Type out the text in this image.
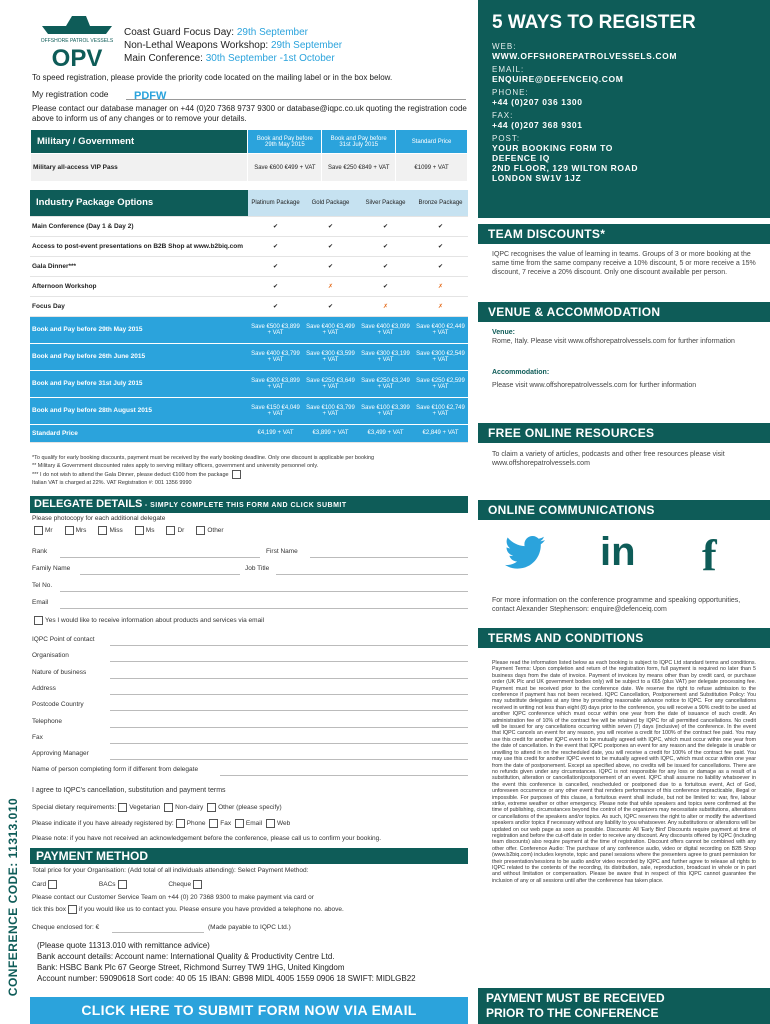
OFFSHORE PATROL VESSELS
OPV
Coast Guard Focus Day: 29th September
Non-Lethal Weapons Workshop: 29th September
Main Conference: 30th September -1st October
To speed registration, please provide the priority code located on the mailing label or in the box below.
My registration code	PDFW
Please contact our database manager on +44 (0)20 7368 9737 9300 or database@iqpc.co.uk quoting the registration code above to inform us of any changes or to remove your details.
Military / Government	Book and Pay before 29th May 2015	Book and Pay before 31st July 2015	Standard Price
Military all-access VIP Pass	Save €600 €499 + VAT	Save €250 €849 + VAT	€1099 + VAT
Industry Package Options	Platinum Package	Gold Package	Silver Package	Bronze Package
Main Conference (Day 1 & Day 2)	✔	✔	✔	✔
Access to post-event presentations on B2B Shop at www.b2biq.com	✔	✔	✔	✔
Gala Dinner***	✔	✔	✔	✔
Afternoon Workshop	✔	✗	✔	✗
Focus Day	✔	✔	✗	✗
Book and Pay before 29th May 2015	Save €500 €3,899 + VAT	Save €400 €3,499 + VAT	Save €400 €3,099 + VAT	Save €400 €2,449 + VAT
Book and Pay before 26th June 2015	Save €400 €3,799 + VAT	Save €300 €3,599 + VAT	Save €300 €3,199 + VAT	Save €300 €2,549 + VAT
Book and Pay before 31st July 2015	Save €300 €3,899 + VAT	Save €250 €3,649 + VAT	Save €250 €3,249 + VAT	Save €250 €2,599 + VAT
Book and Pay before 28th August 2015	Save €150 €4,049 + VAT	Save €100 €3,799 + VAT	Save €100 €3,399 + VAT	Save €100 €2,749 + VAT
Standard Price	€4,199 + VAT	€3,899 + VAT	€3,499 + VAT	€2,849 + VAT
*To qualify for early booking discounts, payment must be received by the early booking deadline. Only one discount is applicable per booking
** Military & Government discounted rates apply to serving military officers, government and university personnel only.
*** I do not wish to attend the Gala Dinner, please deduct €100 from the package
Italian VAT is charged at 22%. VAT Registration #: 001 1356 9990
DELEGATE DETAILS - SIMPLY COMPLETE THIS FORM AND CLICK SUBMIT
Please photocopy for each additional delegate
Mr	Mrs	Miss	Ms	Dr	Other
Rank	First Name
Family Name	Job Title
Tel No.
Email
Yes I would like to receive information about products and services via email
IQPC Point of contact
Organisation
Nature of business
Address
Postcode Country
Telephone
Fax
Approving Manager
Name of person completing form if different from delegate
I agree to IQPC's cancellation, substitution and payment terms
Special dietary requirements: Vegetarian Non-dairy Other (please specify)
Please indicate if you have already registered by: Phone Fax Email Web
Please note: if you have not received an acknowledgement before the conference, please call us to confirm your booking.
PAYMENT METHOD
Total price for your Organisation: (Add total of all individuals attending): Select Payment Method:
Card	BACs	Cheque
Please contact our Customer Service Team on +44 (0) 20 7368 9300 to make payment via card or
tick this box if you would like us to contact you. Please ensure you have provided a telephone no. above.
Cheque enclosed for: €	(Made payable to IQPC Ltd.)
(Please quote 11313.010 with remittance advice)
Bank account details: Account name: International Quality & Productivity Centre Ltd.
Bank: HSBC Bank Plc 67 George Street, Richmond Surrey TW9 1HG, United Kingdom
Account number: 59090618 Sort code: 40 05 15 IBAN: GB98 MIDL 4005 1559 0906 18 SWIFT: MIDLGB22
CLICK HERE TO SUBMIT FORM NOW VIA EMAIL
CONFERENCE CODE: 11313.010
5 WAYS TO REGISTER
WEB:
WWW.OFFSHOREPATROLVESSELS.COM
EMAIL:
ENQUIRE@DEFENCEIQ.COM
PHONE:
+44 (0)207 036 1300
FAX:
+44 (0)207 368 9301
POST:
YOUR BOOKING FORM TO
DEFENCE IQ
2ND FLOOR, 129 WILTON ROAD
LONDON SW1V 1JZ
TEAM DISCOUNTS*
IQPC recognises the value of learning in teams. Groups of 3 or more booking at the same time from the same company receive a 10% discount, 5 or more receive a 15% discount, 7 receive a 20% discount. Only one discount available per person.
VENUE & ACCOMMODATION
Venue:
Rome, Italy. Please visit www.offshorepatrolvessels.com for further information
Accommodation:
Please visit www.offshorepatrolvessels.com for further information
FREE ONLINE RESOURCES
To claim a variety of articles, podcasts and other free resources please visit www.offshorepatrolvessels.com
ONLINE COMMUNICATIONS
in f
For more information on the conference programme and speaking opportunities, contact Alexander Stephenson: enquire@defenceiq.com
TERMS AND CONDITIONS
Please read the information listed below as each booking is subject to IQPC Ltd standard terms and conditions. Payment Terms: Upon completion and return of the registration form, full payment is required no later than 5 business days from the date of invoice. Payment of invoices by means other than by credit card, or purchase order (UK Plc and UK government bodies only) will be subject to a €65 (plus VAT) per delegate processing fee. Payment must be received prior to the conference date. We reserve the right to refuse admission to the conference if payment has not been received. IQPC Cancellation, Postponement and Substitution Policy: You may substitute delegates at any time by providing reasonable advance notice to IQPC. For any cancellations received in writing not less than eight (8) days prior to the conference, you will receive a 90% credit to be used at another IQPC conference which must occur within one year from the date of issuance of such credit. An administration fee of 10% of the contract fee will be retained by IQPC for all permitted cancellations. No credit will be issued for any cancellations occurring within seven (7) days (inclusive) of the conference. In the event that IQPC cancels an event for any reason, you will receive a credit for 100% of the contract fee paid. You may use this credit for another IQPC event to be mutually agreed with IQPC, which must occur within one year from the date of cancellation. In the event that IQPC postpones an event for any reason and the delegate is unable or unwilling to attend in on the rescheduled date, you will receive a credit for 100% of the contract fee paid. You may use this credit for another IQPC event to be mutually agreed with IQPC, which must occur within one year from the date of postponement. Except as specified above, no credits will be issued for cancellations. There are no refunds given under any circumstances. IQPC is not responsible for any loss or damage as a result of a substitution, alteration or cancellation/postponement of an event. IQPC shall assume no liability whatsoever in the event this conference is cancelled, rescheduled or postponed due to a fortuitous event, Act of God, unforeseen occurrence or any other event that renders performance of this conference impracticable, illegal or impossible. For purposes of this clause, a fortuitous event shall include, but not be limited to: war, fire, labour strike, extreme weather or other emergency. Please note that while speakers and topics were confirmed at the time of publishing, circumstances beyond the control of the organizers may necessitate substitutions, alterations or cancellations of the speakers and/or topics. As such, IQPC reserves the right to alter or modify the advertised speakers and/or topics if necessary without any liability to you whatsoever. Any substitutions or alterations will be updated on our web page as soon as possible. Discounts: All 'Early Bird' Discounts require payment at time of registration and before the cut-off date in order to receive any discount. Any discounts offered by IQPC (including team discounts) also require payment at the time of registration. Discount offers cannot be combined with any other offer. Conference Audio: The purchase of any conference audio, video or digital recording on B2B Shop (www.b2biq.com) includes keynote, topic and panel sessions where the presenters agree to grant permission for their presentation/sessions to be audio and/or video recorded by IQPC and further agree to release all rights to IQPC related to the contents of the recording, its distribution, sale, reproduction, broadcast in whole or in part and without limitation or compensation. Please be aware that in respect of this IQPC cannot guarantee the inclusion of any or all sessions until after the conference has taken place.
PAYMENT MUST BE RECEIVED
PRIOR TO THE CONFERENCE
